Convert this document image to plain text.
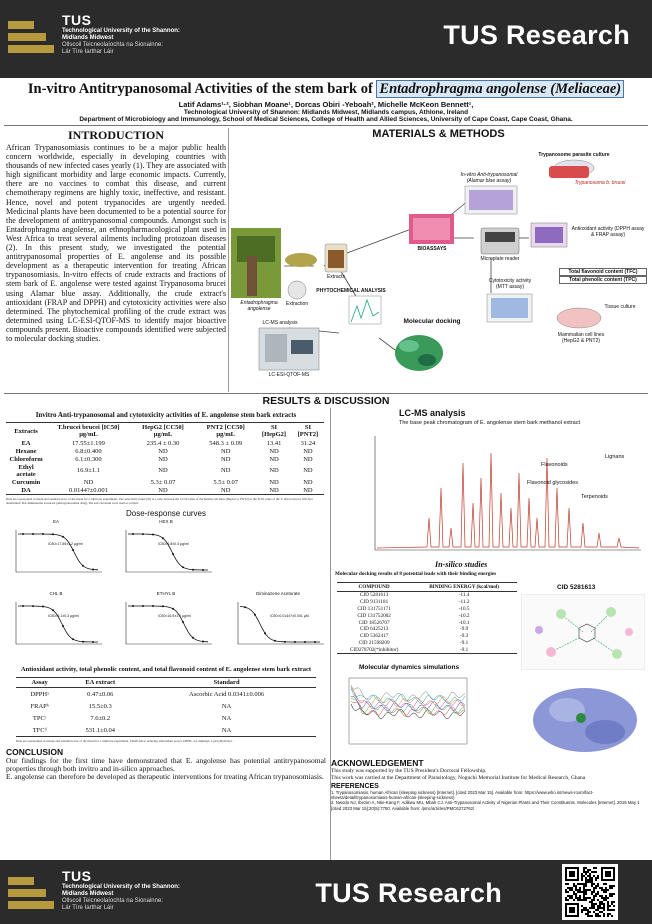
TUS
Technological University of the Shannon:
Midlands Midwest
Ollscoil Teicneolaíochta na Sionainne:
Lár Tíre Iarthar Láir
TUS Research
In-vitro Antitrypanosomal Activities of the stem bark of Entadrophragma angolense (Meliaceae)
Latif Adams¹·², Siobhan Moane¹, Dorcas Obiri -Yeboah², Michelle McKeon Bennett¹,
Technological University of Shannon: Midlands Midwest, Midlands campus, Athlone, Ireland
Department of Microbiology and Immunology, School of Medical Sciences, College of Health and Allied Sciences, University of Cape Coast, Cape Coast, Ghana.
INTRODUCTION

African Trypanosomiasis continues to be a major public health concern worldwide, especially in developing countries with thousands of new infected cases yearly (1). They are associated with high significant morbidity and large economic impacts. Currently, there are no vaccines to combat this disease, and current chemotherapy regimens are highly toxic, ineffective, and resistant. Hence, novel and potent trypanocides are urgently needed. Medicinal plants have been documented to be a potential source for the development of antitrypanosomal compounds. Amongst such is Entadrophragma angolense, an ethnopharmacological plant used in West Africa to treat several ailments including protozoan diseases (2). In this present study, we investigated the potential antitrypanosomal properties of E. angolense and its possible development as a therapeutic intervention for treating African trypanosomiasis. In-vitro effects of crude extracts and fractions of stem bark of E. angolense were tested against Trypanosoma brucei using Alamar blue assay. Additionally, the crude extract's antioxidant (FRAP and DPPH) and cytotoxicity activities were also determined. The phytochemical profiling of the crude extract was determined using LC-ESI-QTOF-MS to identify major bioactive compounds present. Bioactive compounds identified were subjected to molecular docking studies.

MATERIALS & METHODS
Trypanosome parasite culture
In-vitro Anti-trypanosomal (Alamar blue assay)	Trypanosoma b. brucei
Entadrophragma angolense
Extracts
Extraction
BIOASSAYS
Microplate reader
Antioxidant activity (DPPH assay & FRAP assay)
Total flavonoid content (TFC)
Total phenolic content (TPC)
PHYTOCHEMICAL ANALYSIS
LC-MS analysis
LC-ESI-QTOF-MS
Molecular docking
Cytotoxicity activity (MTT assay)
Tissue culture
Mammalian cell lines (HepG2 & PNT2)
RESULTS & DISCUSSION
Invitro Anti-trypanosomal and cytotoxicity activities of E. angolense stem bark extracts
Extracts	T.brucei brucei [IC50] µg/mL	HepG2 [CC50] µg/mL	PNT2 [CC50] µg/mL	SI [HepG2]	SI [PNT2]
EA	17.55±1.199	235.4 ± 0.30	548.3 ± 0.09	13.41	31.24
Hexane	6.8±0.400	ND	ND	ND	ND
Chloroform	6.1±0.300	ND	ND	ND	ND
Ethyl acetate	16.9±1.1	ND	ND	ND	ND
Curcumin	ND	5.3± 0.07	5.5± 0.07	ND	ND
DA	0.0144?±0.001	ND	ND	ND	ND
Data are represented as mean and standard error of the mean for a triplicate experiment. The selectivity index (SI) is a ratio between the CC50 value of the human cell lines (HepG2 or PNT2) to the IC50 value of the T. brucei brucei. ND-Not determined, DA-Diminazene aceturate (antitrypanosomal drug), DA and curcumin were used as control.
Dose-response curves
EA
IC50=17.55±1.2 µg/ml
HEX B
IC50=6.8±0.4 µg/ml
CHL B
IC50=6.1±0.3 µg/ml
ETHYL B
IC50=16.9±1.1 µg/ml
Diminazene Aceturate
IC50=0.0144?±0.001 µM
Antioxidant activity, total phenolic content, and total flavonoid content of E. angolense stem bark extract
Assay	EA extract	Standard
DPPHᵃ	0.47±0.06	Ascorbic Acid 0.0341±0.006
FRAPᵇ	15.5±0.3	NA
TPCᶜ	7.6±0.2	NA
TFCᵈ	531.1±0.04	NA
Data are represented as means and standard error of the mean for a triplicate experiment. FRAP-ferric reducing antioxidant power, DPPH- 2,2-diphenyl-1-picrylhydrazyl.
CONCLUSION

Our findings for the first time have demonstrated that E. angolense has potential antitrypanosomal properties through both invitro and in-silico approaches.

E. angolense can therefore be developed as therapeutic interventions for treating African trypanosomiasis.

LC-MS analysis
The base peak chromatogram of E. angolense stem bark methanol extract
Flavonoids
Lignans
Flavonoid glycosides
Terpenoids
In-silico studies
Molecular docking results of 8 potential leads with their binding energies
COMPOUND	BINDING ENERGY (kcal/mol)
CID 5281613	-11.4
CID 9131181	-11.2
CID 131751171	-10.5
CID 131752002	-10.2
CID 18526707	-10.1
CID 6425213	-9.9
CID 5362417	-9.3
CID 21598209	-9.1
CID278702(*inhibitor)	-9.1
CID 5281613
Molecular dynamics simulations
ACKNOWLEDGEMENT

This study was supported by the TUS President's Doctoral Fellowship.

This work was carried at the Department of Parasitology, Noguchi Memorial Institute for Medical Research, Ghana

REFERENCES
1. Trypanosomiasis, human African (sleeping sickness) [Internet]. [cited 2023 Mar 15]. Available from: https://www.who.int/news-room/fact-sheets/detail/trypanosomiasis-human-african-(sleeping-sickness)
2. Nwodo NJ, Ibezim A, Ntie-Kang F, Adikwu MU, Mbah CJ. Anti-Trypanosomal Activity of Nigerian Plants and Their Constituents. Molecules [Internet]. 2015 May 1 [cited 2023 Mar 15];20(5):7750. Available from: /pmc/articles/PMC6272762/
TUS
Technological University of the Shannon:
Midlands Midwest
Ollscoil Teicneolaíochta na Sionainne:
Lár Tíre Iarthar Láir	TUS Research
